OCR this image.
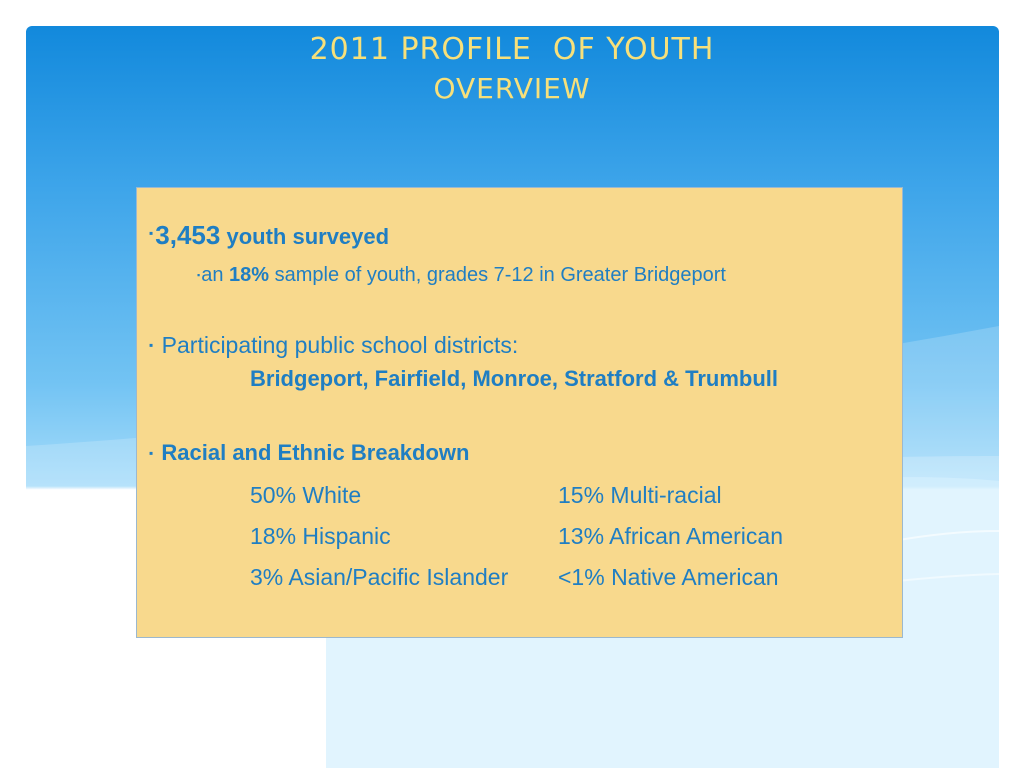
2011 PROFILE  OF YOUTH
OVERVIEW
▪3,453 youth surveyed
▪an 18% sample of youth, grades 7-12 in Greater Bridgeport
▪ Participating public school districts:
Bridgeport, Fairfield, Monroe, Stratford & Trumbull
▪ Racial and Ethnic Breakdown
50% White	15% Multi-racial
18% Hispanic	13% African American
3% Asian/Pacific Islander <1% Native American
